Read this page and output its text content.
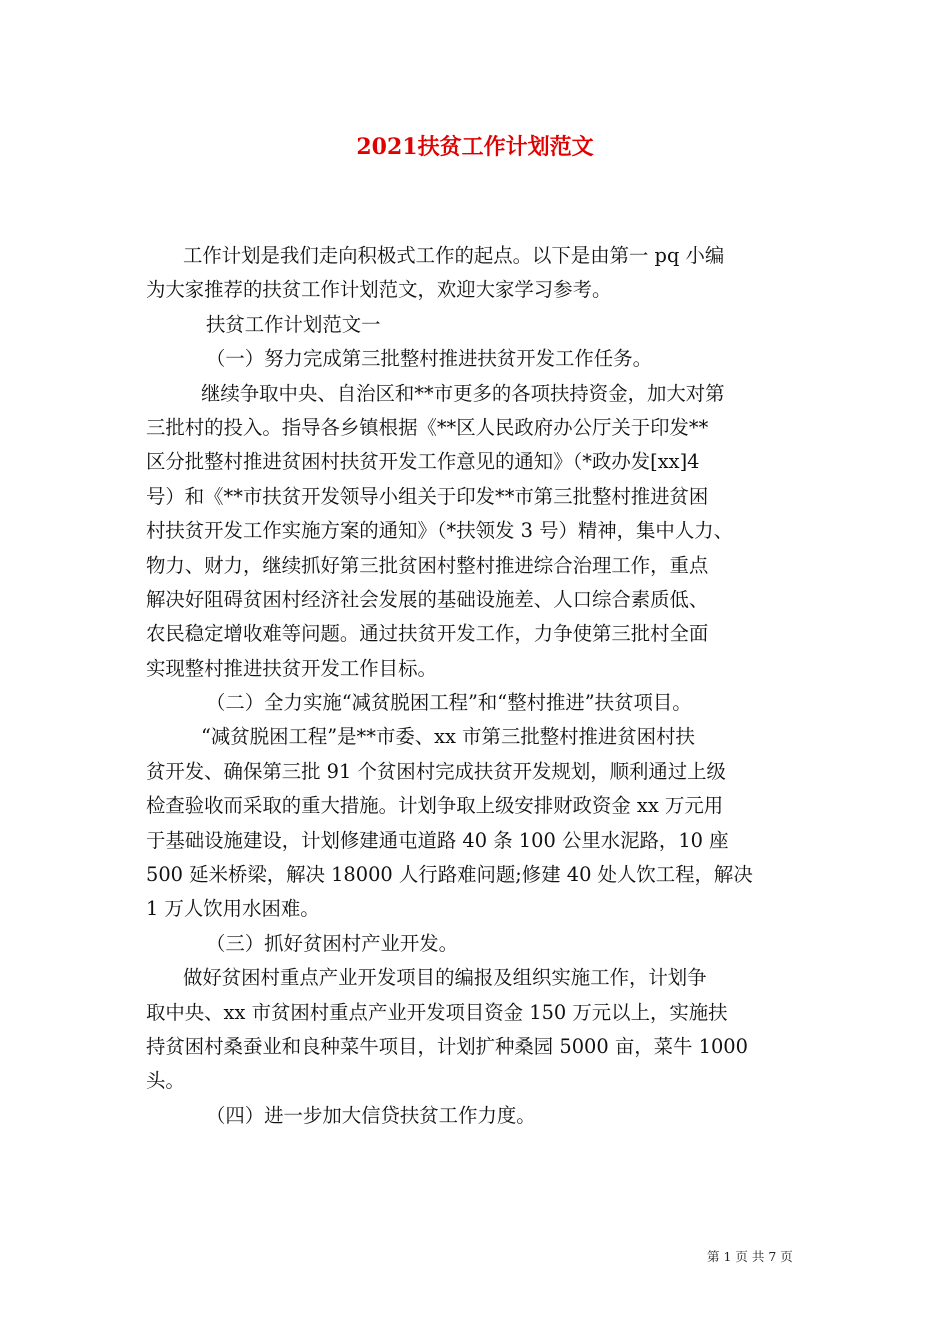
2021扶贫工作计划范文
工作计划是我们走向积极式工作的起点。以下是由第一 pq 小编
为大家推荐的扶贫工作计划范文，欢迎大家学习参考。
扶贫工作计划范文一
（一）努力完成第三批整村推进扶贫开发工作任务。
继续争取中央、自治区和**市更多的各项扶持资金，加大对第
三批村的投入。指导各乡镇根据《**区人民政府办公厅关于印发**
区分批整村推进贫困村扶贫开发工作意见的通知》（*政办发[xx]4
号）和《**市扶贫开发领导小组关于印发**市第三批整村推进贫困
村扶贫开发工作实施方案的通知》（*扶领发 3 号）精神，集中人力、
物力、财力，继续抓好第三批贫困村整村推进综合治理工作，重点
解决好阻碍贫困村经济社会发展的基础设施差、人口综合素质低、
农民稳定增收难等问题。通过扶贫开发工作，力争使第三批村全面
实现整村推进扶贫开发工作目标。
（二）全力实施“减贫脱困工程”和“整村推进”扶贫项目。
“减贫脱困工程”是**市委、xx 市第三批整村推进贫困村扶
贫开发、确保第三批 91 个贫困村完成扶贫开发规划，顺利通过上级
检查验收而采取的重大措施。计划争取上级安排财政资金 xx 万元用
于基础设施建设，计划修建通屯道路 40 条 100 公里水泥路，10 座
500 延米桥梁，解决 18000 人行路难问题;修建 40 处人饮工程，解决
1 万人饮用水困难。
（三）抓好贫困村产业开发。
做好贫困村重点产业开发项目的编报及组织实施工作，计划争
取中央、xx 市贫困村重点产业开发项目资金 150 万元以上，实施扶
持贫困村桑蚕业和良种菜牛项目，计划扩种桑园 5000 亩，菜牛 1000
头。
（四）进一步加大信贷扶贫工作力度。
第 1 页 共 7 页
